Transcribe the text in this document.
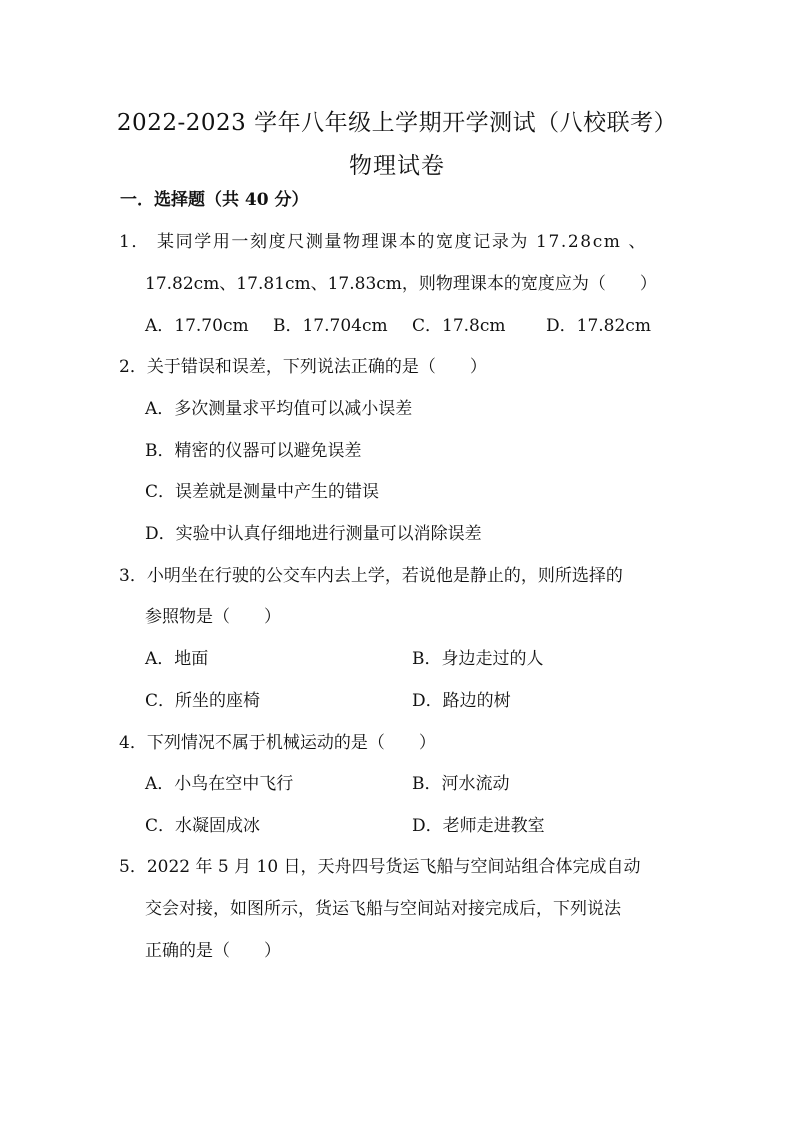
2022-2023 学年八年级上学期开学测试（八校联考）
物理试卷
一．选择题（共 40 分）
1． 某同学用一刻度尺测量物理课本的宽度记录为 17.28cm 、
17.82cm、17.81cm、17.83cm，则物理课本的宽度应为（　　）
A．17.70cm B．17.704cm C．17.8cm D．17.82cm
2．关于错误和误差，下列说法正确的是（　　）
A．多次测量求平均值可以减小误差
B．精密的仪器可以避免误差
C．误差就是测量中产生的错误
D．实验中认真仔细地进行测量可以消除误差
3．小明坐在行驶的公交车内去上学，若说他是静止的，则所选择的
参照物是（　　）
A．地面	B．身边走过的人
C．所坐的座椅	D．路边的树
4．下列情况不属于机械运动的是（　　）
A．小鸟在空中飞行	B．河水流动
C．水凝固成冰	D．老师走进教室
5．2022 年 5 月 10 日，天舟四号货运飞船与空间站组合体完成自动
交会对接，如图所示，货运飞船与空间站对接完成后，下列说法
正确的是（　　）
